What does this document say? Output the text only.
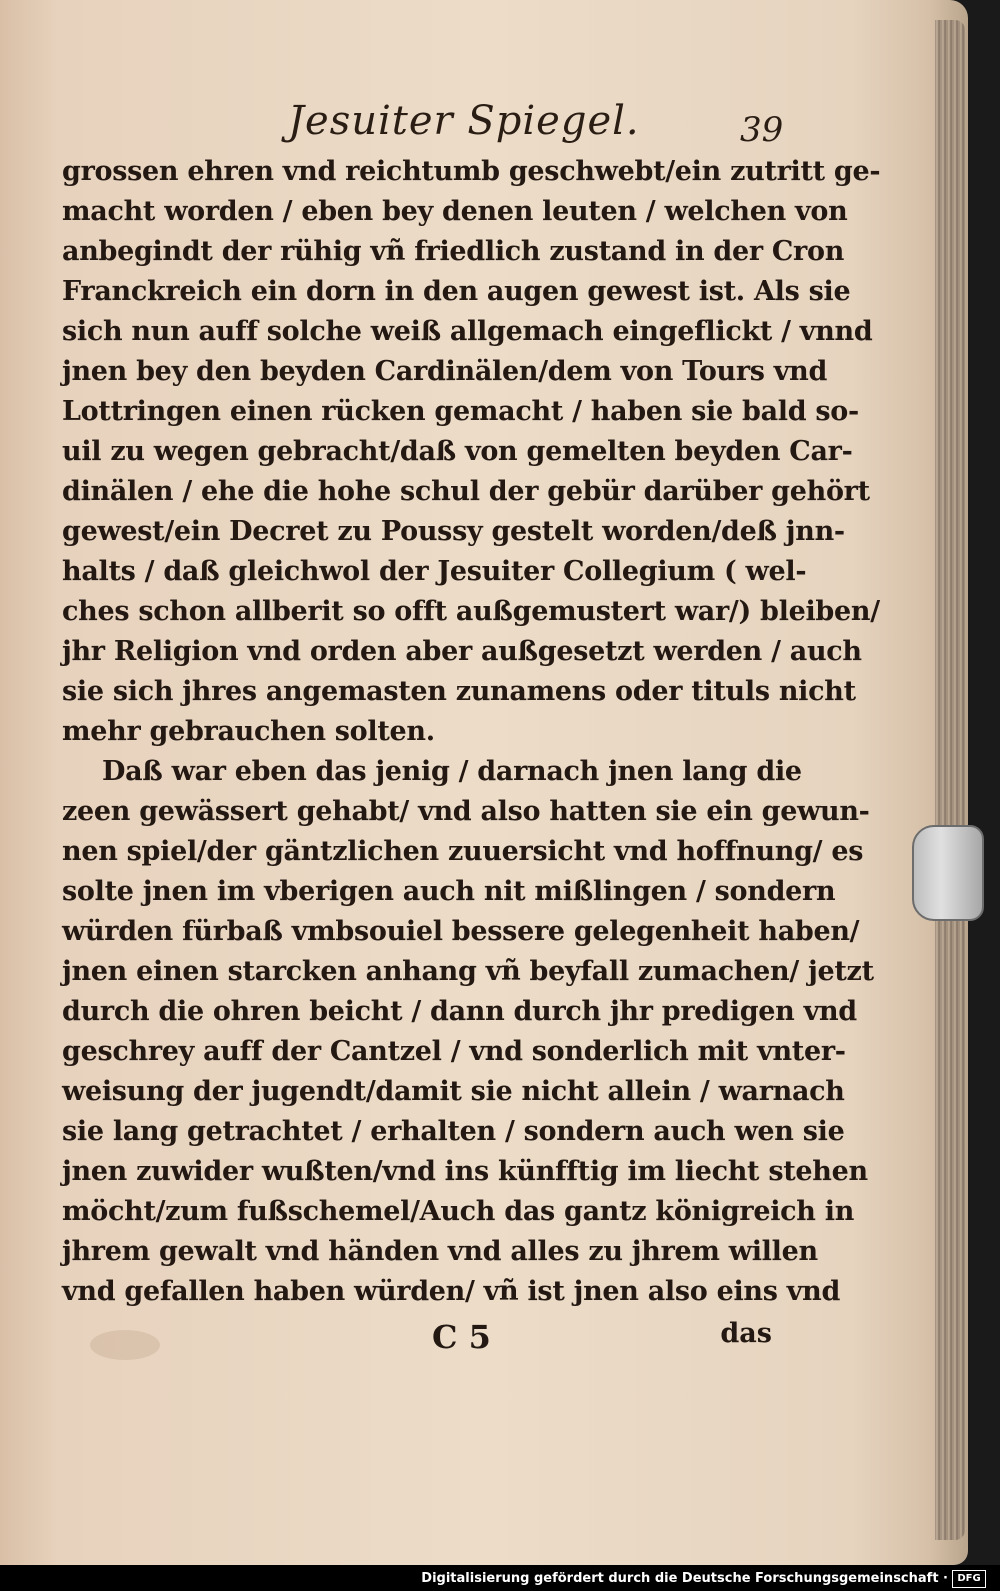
Jesuiter Spiegel.	39
grossen ehren vnd reichtumb geschwebt/ein zutritt ge-
macht worden / eben bey denen leuten / welchen von
anbegindt der rühig vñ friedlich zustand in der Cron
Franckreich ein dorn in den augen gewest ist. Als sie
sich nun auff solche weiß allgemach eingeflickt / vnnd
jnen bey den beyden Cardinälen/dem von Tours vnd
Lottringen einen rücken gemacht / haben sie bald so-
uil zu wegen gebracht/daß von gemelten beyden Car-
dinälen / ehe die hohe schul der gebür darüber gehört
gewest/ein Decret zu Poussy gestelt worden/deß jnn-
halts / daß gleichwol der Jesuiter Collegium ( wel-
ches schon allberit so offt außgemustert war/) bleiben/
jhr Religion vnd orden aber außgesetzt werden / auch
sie sich jhres angemasten zunamens oder tituls nicht
mehr gebrauchen solten.
Daß war eben das jenig / darnach jnen lang die
zeen gewässert gehabt/ vnd also hatten sie ein gewun-
nen spiel/der gäntzlichen zuuersicht vnd hoffnung/ es
solte jnen im vberigen auch nit mißlingen / sondern
würden fürbaß vmbsouiel bessere gelegenheit haben/
jnen einen starcken anhang vñ beyfall zumachen/ jetzt
durch die ohren beicht / dann durch jhr predigen vnd
geschrey auff der Cantzel / vnd sonderlich mit vnter-
weisung der jugendt/damit sie nicht allein / warnach
sie lang getrachtet / erhalten / sondern auch wen sie
jnen zuwider wußten/vnd ins künfftig im liecht stehen
möcht/zum fußschemel/Auch das gantz königreich in
jhrem gewalt vnd händen vnd alles zu jhrem willen
vnd gefallen haben würden/ vñ ist jnen also eins vnd
C 5	das
Digitalisierung gefördert durch die Deutsche Forschungsgemeinschaft · DFG
